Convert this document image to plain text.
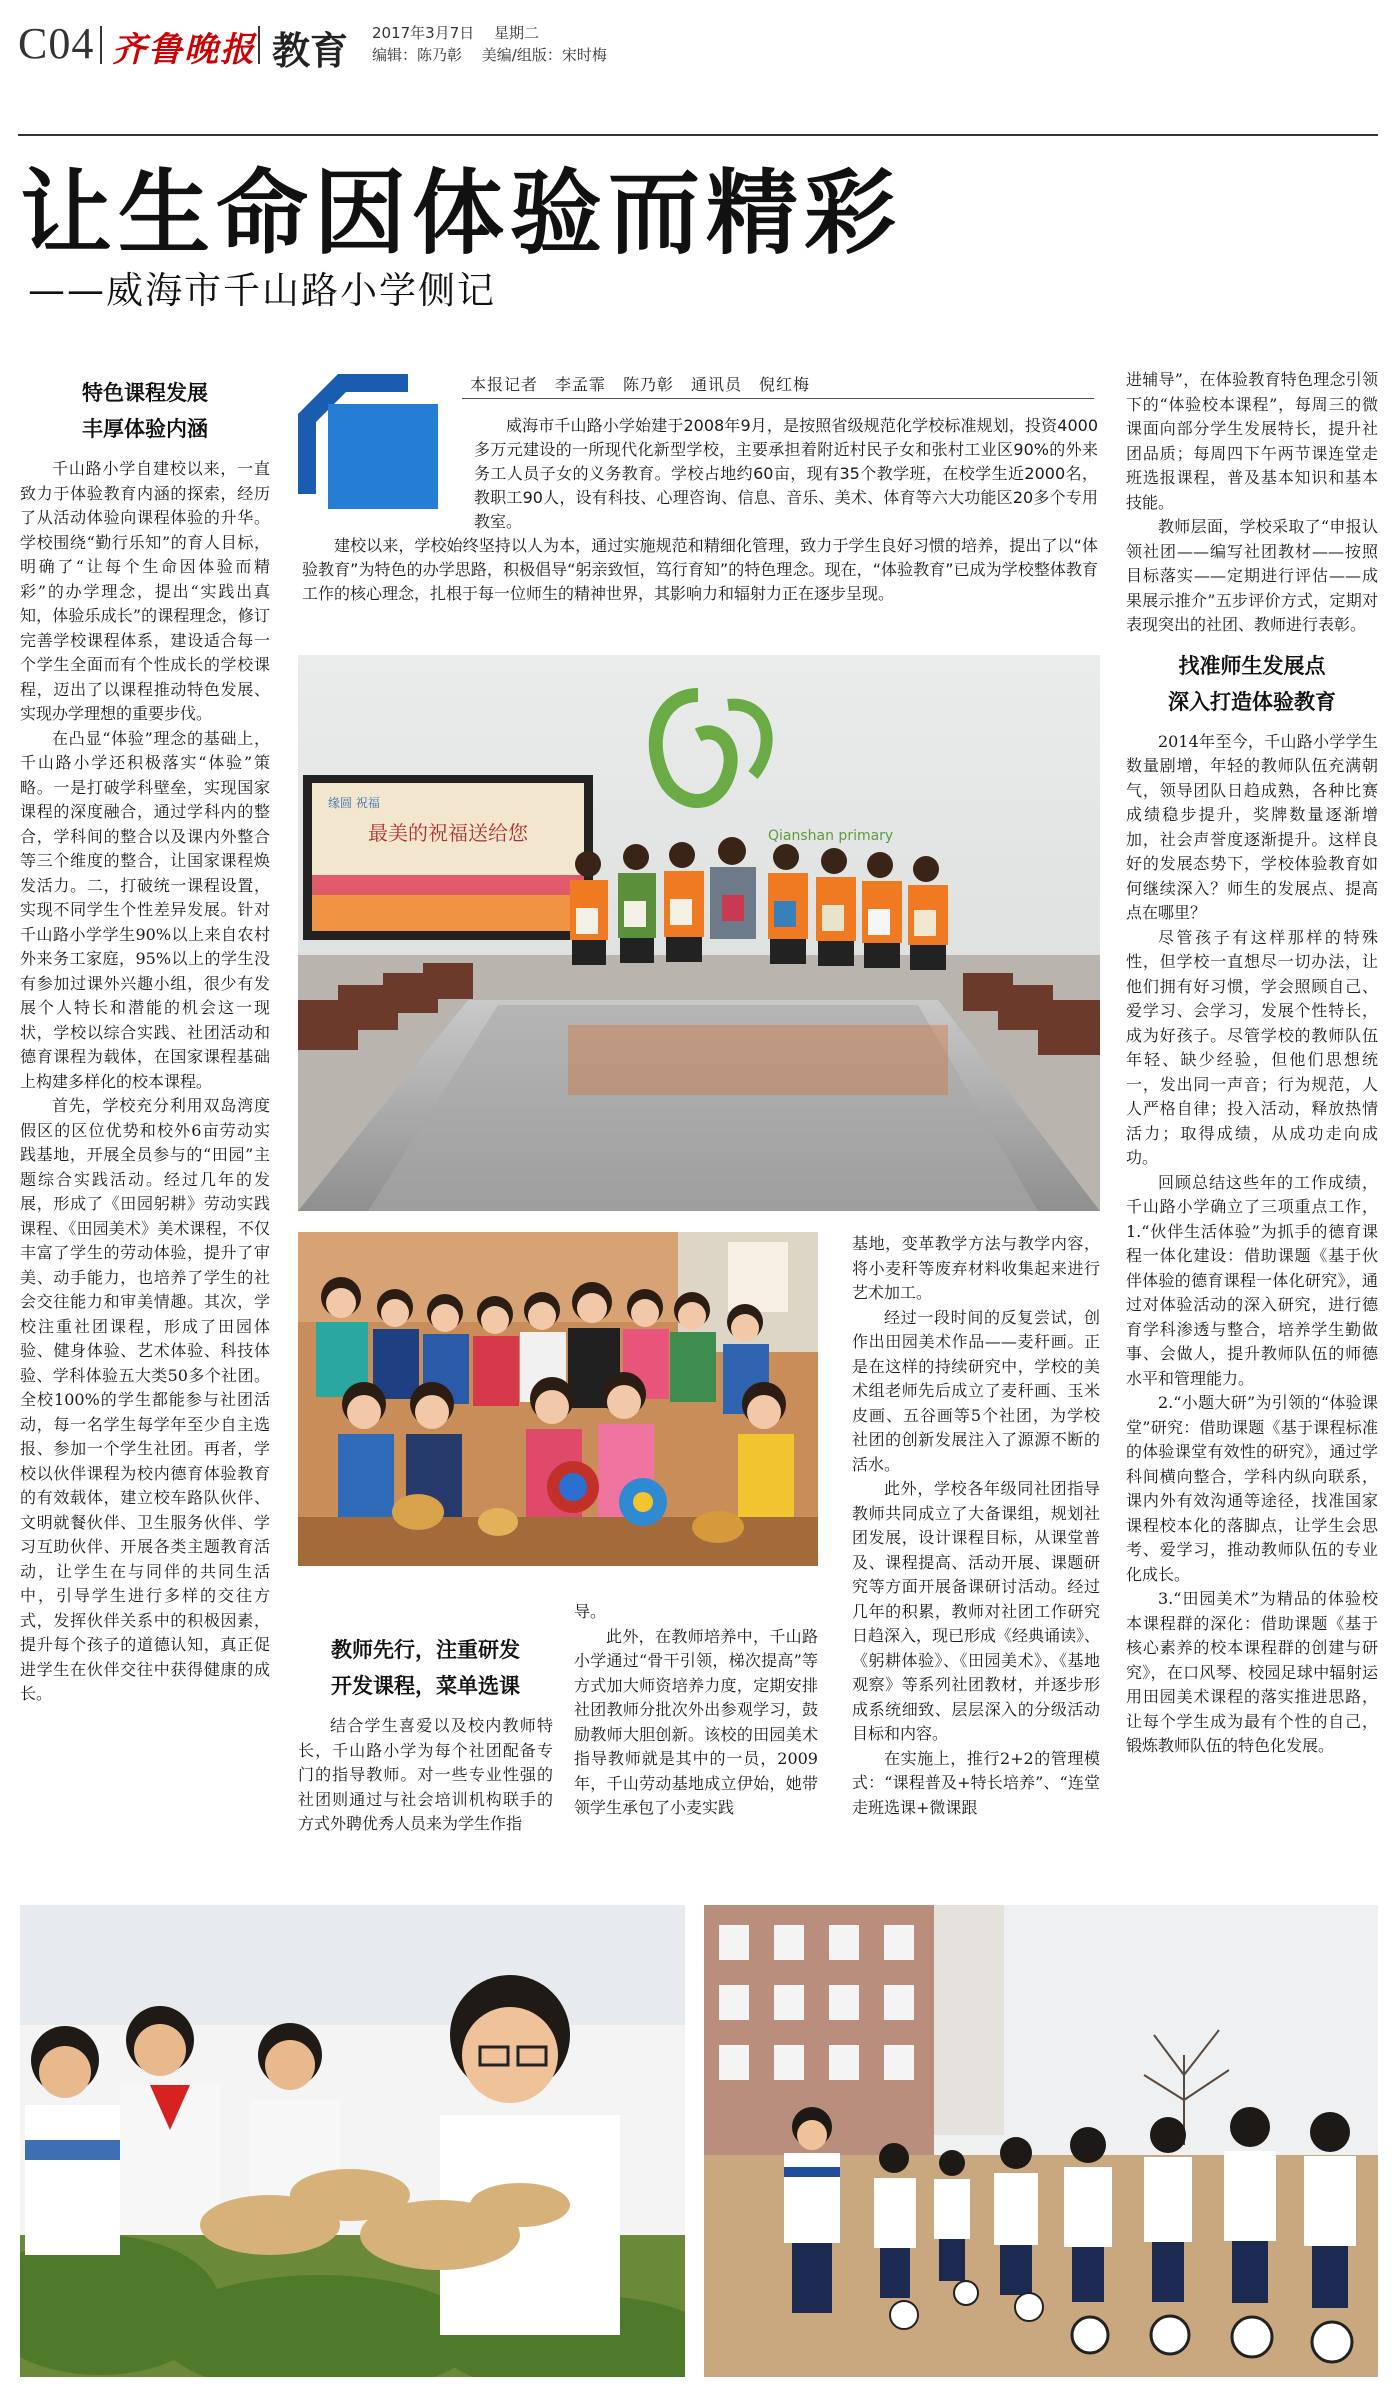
C04 齐鲁晚报 教育 2017年3月7日　 星期二
编辑：陈乃彰　 美编/组版：宋时梅
让生命因体验而精彩
——威海市千山路小学侧记
特色课程发展
丰厚体验内涵

千山路小学自建校以来，一直致力于体验教育内涵的探索，经历了从活动体验向课程体验的升华。学校围绕“勤行乐知”的育人目标，明确了“让每个生命因体验而精彩”的办学理念，提出“实践出真知，体验乐成长”的课程理念，修订完善学校课程体系，建设适合每一个学生全面而有个性成长的学校课程，迈出了以课程推动特色发展、实现办学理想的重要步伐。

在凸显“体验”理念的基础上，千山路小学还积极落实“体验”策略。一是打破学科壁垒，实现国家课程的深度融合，通过学科内的整合，学科间的整合以及课内外整合等三个维度的整合，让国家课程焕发活力。二，打破统一课程设置，实现不同学生个性差异发展。针对千山路小学学生90%以上来自农村外来务工家庭，95%以上的学生没有参加过课外兴趣小组，很少有发展个人特长和潜能的机会这一现状，学校以综合实践、社团活动和德育课程为载体，在国家课程基础上构建多样化的校本课程。

首先，学校充分利用双岛湾度假区的区位优势和校外6亩劳动实践基地，开展全员参与的“田园”主题综合实践活动。经过几年的发展，形成了《田园躬耕》劳动实践课程、《田园美术》美术课程，不仅丰富了学生的劳动体验，提升了审美、动手能力，也培养了学生的社会交往能力和审美情趣。其次，学校注重社团课程，形成了田园体验、健身体验、艺术体验、科技体验、学科体验五大类50多个社团。全校100%的学生都能参与社团活动，每一名学生每学年至少自主选报、参加一个学生社团。再者，学校以伙伴课程为校内德育体验教育的有效载体，建立校车路队伙伴、文明就餐伙伴、卫生服务伙伴、学习互助伙伴、开展各类主题教育活动，让学生在与同伴的共同生活中，引导学生进行多样的交往方式，发挥伙伴关系中的积极因素，提升每个孩子的道德认知，真正促进学生在伙伴交往中获得健康的成长。

本报记者　李孟霏　陈乃彰　通讯员　倪红梅

威海市千山路小学始建于2008年9月，是按照省级规范化学校标准规划，投资4000多万元建设的一所现代化新型学校，主要承担着附近村民子女和张村工业区90%的外来务工人员子女的义务教育。学校占地约60亩，现有35个教学班，在校学生近2000名，教职工90人，设有科技、心理咨询、信息、音乐、美术、体育等六大功能区20多个专用教室。

建校以来，学校始终坚持以人为本，通过实施规范和精细化管理，致力于学生良好习惯的培养，提出了以“体验教育”为特色的办学思路，积极倡导“躬亲致恒，笃行育知”的特色理念。现在，“体验教育”已成为学校整体教育工作的核心理念，扎根于每一位师生的精神世界，其影响力和辐射力正在逐步呈现。

Qianshan primary
最美的祝福送给您
缘圆 祝福
教师先行，注重研发
开发课程，菜单选课

结合学生喜爱以及校内教师特长，千山路小学为每个社团配备专门的指导教师。对一些专业性强的社团则通过与社会培训机构联手的方式外聘优秀人员来为学生作指

导。

此外，在教师培养中，千山路小学通过“骨干引领，梯次提高”等方式加大师资培养力度，定期安排社团教师分批次外出参观学习，鼓励教师大胆创新。该校的田园美术指导教师就是其中的一员，2009年，千山劳动基地成立伊始，她带领学生承包了小麦实践

基地，变革教学方法与教学内容，将小麦秆等废弃材料收集起来进行艺术加工。

经过一段时间的反复尝试，创作出田园美术作品——麦秆画。正是在这样的持续研究中，学校的美术组老师先后成立了麦秆画、玉米皮画、五谷画等5个社团，为学校社团的创新发展注入了源源不断的活水。

此外，学校各年级同社团指导教师共同成立了大备课组，规划社团发展，设计课程目标，从课堂普及、课程提高、活动开展、课题研究等方面开展备课研讨活动。经过几年的积累，教师对社团工作研究日趋深入，现已形成《经典诵读》、《躬耕体验》、《田园美术》、《基地观察》等系列社团教材，并逐步形成系统细致、层层深入的分级活动目标和内容。

在实施上，推行2+2的管理模式：“课程普及+特长培养”、“连堂走班选课+微课跟

进辅导”，在体验教育特色理念引领下的“体验校本课程”，每周三的微课面向部分学生发展特长，提升社团品质；每周四下午两节课连堂走班选报课程，普及基本知识和基本技能。

教师层面，学校采取了“申报认领社团——编写社团教材——按照目标落实——定期进行评估——成果展示推介”五步评价方式，定期对表现突出的社团、教师进行表彰。

找准师生发展点
深入打造体验教育

2014年至今，千山路小学学生数量剧增，年轻的教师队伍充满朝气，领导团队日趋成熟，各种比赛成绩稳步提升，奖牌数量逐渐增加，社会声誉度逐渐提升。这样良好的发展态势下，学校体验教育如何继续深入？师生的发展点、提高点在哪里？

尽管孩子有这样那样的特殊性，但学校一直想尽一切办法，让他们拥有好习惯，学会照顾自己、爱学习、会学习，发展个性特长，成为好孩子。尽管学校的教师队伍年轻、缺少经验，但他们思想统一，发出同一声音；行为规范，人人严格自律；投入活动，释放热情活力；取得成绩，从成功走向成功。

回顾总结这些年的工作成绩，千山路小学确立了三项重点工作，1.“伙伴生活体验”为抓手的德育课程一体化建设：借助课题《基于伙伴体验的德育课程一体化研究》，通过对体验活动的深入研究，进行德育学科渗透与整合，培养学生勤做事、会做人，提升教师队伍的师德水平和管理能力。

2.“小题大研”为引领的“体验课堂”研究：借助课题《基于课程标准的体验课堂有效性的研究》，通过学科间横向整合，学科内纵向联系，课内外有效沟通等途径，找准国家课程校本化的落脚点，让学生会思考、爱学习，推动教师队伍的专业化成长。

3.“田园美术”为精品的体验校本课程群的深化：借助课题《基于核心素养的校本课程群的创建与研究》，在口风琴、校园足球中辐射运用田园美术课程的落实推进思路，让每个学生成为最有个性的自己，锻炼教师队伍的特色化发展。
